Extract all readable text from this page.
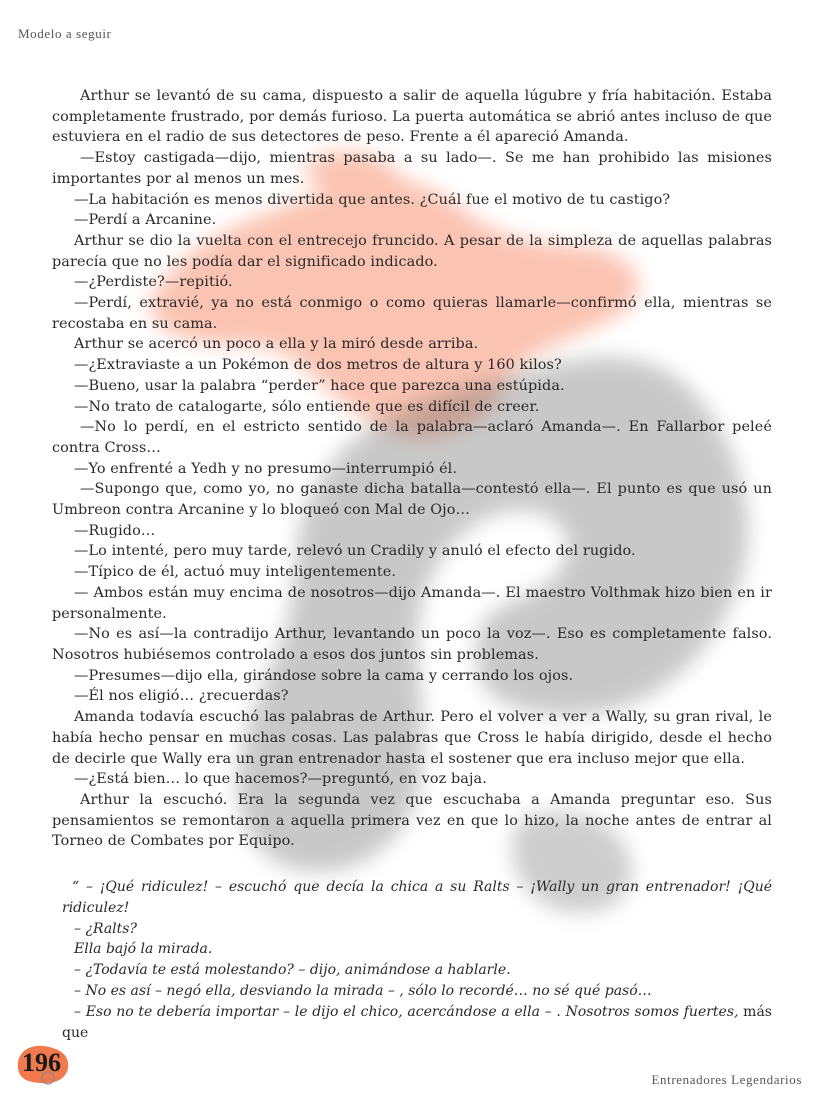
Modelo a seguir

Arthur se levantó de su cama, dispuesto a salir de aquella lúgubre y fría habitación. Estaba completamente frustrado, por demás furioso. La puerta automática se abrió antes incluso de que estuviera en el radio de sus detectores de peso. Frente a él apareció Amanda.

—Estoy castigada—dijo, mientras pasaba a su lado—. Se me han prohibido las misiones importantes por al menos un mes.

—La habitación es menos divertida que antes. ¿Cuál fue el motivo de tu castigo?

—Perdí a Arcanine.

Arthur se dio la vuelta con el entrecejo fruncido. A pesar de la simpleza de aquellas palabras parecía que no les podía dar el significado indicado.

—¿Perdiste?—repitió.

—Perdí, extravié, ya no está conmigo o como quieras llamarle—confirmó ella, mientras se recostaba en su cama.

Arthur se acercó un poco a ella y la miró desde arriba.

—¿Extraviaste a un Pokémon de dos metros de altura y 160 kilos?

—Bueno, usar la palabra “perder” hace que parezca una estúpida.

—No trato de catalogarte, sólo entiende que es difícil de creer.

—No lo perdí, en el estricto sentido de la palabra—aclaró Amanda—. En Fallarbor peleé contra Cross…

—Yo enfrenté a Yedh y no presumo—interrumpió él.

—Supongo que, como yo, no ganaste dicha batalla—contestó ella—. El punto es que usó un Umbreon contra Arcanine y lo bloqueó con Mal de Ojo…

—Rugido…

—Lo intenté, pero muy tarde, relevó un Cradily y anuló el efecto del rugido.

—Típico de él, actuó muy inteligentemente.

— Ambos están muy encima de nosotros—dijo Amanda—. El maestro Volthmak hizo bien en ir personalmente.

—No es así—la contradijo Arthur, levantando un poco la voz—. Eso es completamente falso. Nosotros hubiésemos controlado a esos dos juntos sin problemas.

—Presumes—dijo ella, girándose sobre la cama y cerrando los ojos.

—Él nos eligió… ¿recuerdas?

Amanda todavía escuchó las palabras de Arthur. Pero el volver a ver a Wally, su gran rival, le había hecho pensar en muchas cosas. Las palabras que Cross le había dirigido, desde el hecho de decirle que Wally era un gran entrenador hasta el sostener que era incluso mejor que ella.

—¿Está bien… lo que hacemos?—preguntó, en voz baja.

Arthur la escuchó. Era la segunda vez que escuchaba a Amanda preguntar eso. Sus pensamientos se remontaron a aquella primera vez en que lo hizo, la noche antes de entrar al Torneo de Combates por Equipo.

“ – ¡Qué ridiculez! – escuchó que decía la chica a su Ralts – ¡Wally un gran entrenador! ¡Qué ridiculez!

– ¿Ralts?

Ella bajó la mirada.

– ¿Todavía te está molestando? – dijo, animándose a hablarle.

– No es así – negó ella, desviando la mirada – , sólo lo recordé… no sé qué pasó…

– Eso no te debería importar – le dijo el chico, acercándose a ella – . Nosotros somos fuertes, más que

196
Entrenadores Legendarios
